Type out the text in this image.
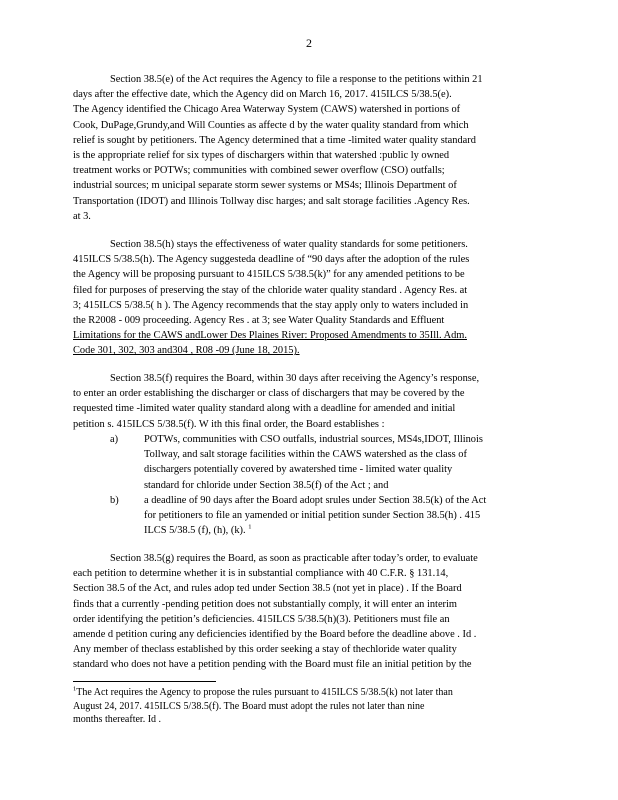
2
Section 38.5(e) of the Act requires the Agency to file a response to the petitions within 21
days after the effective date, which the Agency did on March 16, 2017. 415ILCS 5/38.5(e).
The Agency identified the Chicago Area Waterway System (CAWS) watershed in portions of
Cook, DuPage,Grundy,and Will Counties as affecte d by the water quality standard from which
relief is sought by petitioners. The Agency determined that a time -limited water quality standard
is the appropriate relief for six types of dischargers within that watershed :public ly owned
treatment works or POTWs; communities with combined sewer overflow (CSO) outfalls;
industrial sources; m unicipal separate storm sewer systems or MS4s; Illinois Department of
Transportation (IDOT) and Illinois Tollway disc harges; and salt storage facilities .Agency Res.
at 3.
Section 38.5(h) stays the effectiveness of water quality standards for some petitioners.
415ILCS 5/38.5(h). The Agency suggesteda deadline of “90 days after the adoption of the rules
the Agency will be proposing pursuant to 415ILCS 5/38.5(k)” for any amended petitions to be
filed for purposes of preserving the stay of the chloride water quality standard . Agency Res. at
3; 415ILCS 5/38.5( h ). The Agency recommends that the stay apply only to waters included in
the R2008 - 009 proceeding. Agency Res . at 3; see Water Quality Standards and Effluent
Limitations for the CAWS andLower Des Plaines River: Proposed Amendments to 35Ill. Adm.
Code 301, 302, 303 and304 , R08 -09 (June 18, 2015).
Section 38.5(f) requires the Board, within 30 days after receiving the Agency’s response,
to enter an order establishing the discharger or class of dischargers that may be covered by the
requested time -limited water quality standard along with a deadline for amended and initial
petition s. 415ILCS 5/38.5(f). W ith this final order, the Board establishes :
a) POTWs, communities with CSO outfalls, industrial sources, MS4s,IDOT, Illinois
Tollway, and salt storage facilities within the CAWS watershed as the class of
dischargers potentially covered by awatershed time - limited water quality
standard for chloride under Section 38.5(f) of the Act ; and
b) a deadline of 90 days after the Board adopt srules under Section 38.5(k) of the Act
for petitioners to file an yamended or initial petition sunder Section 38.5(h) . 415
ILCS 5/38.5 (f), (h), (k). $^1$
Section 38.5(g) requires the Board, as soon as practicable after today’s order, to evaluate
each petition to determine whether it is in substantial compliance with 40 C.F.R. § 131.14,
Section 38.5 of the Act, and rules adop ted under Section 38.5 (not yet in place) . If the Board
finds that a currently -pending petition does not substantially comply, it will enter an interim
order identifying the petition’s deficiencies. 415ILCS 5/38.5(h)(3). Petitioners must file an
amende d petition curing any deficiencies identified by the Board before the deadline above . Id .
Any member of theclass established by this order seeking a stay of thechloride water quality
standard who does not have a petition pending with the Board must file an initial petition by the
$^1$The Act requires the Agency to propose the rules pursuant to 415ILCS 5/38.5(k) not later than
August 24, 2017. 415ILCS 5/38.5(f). The Board must adopt the rules not later than nine
months thereafter. Id .
